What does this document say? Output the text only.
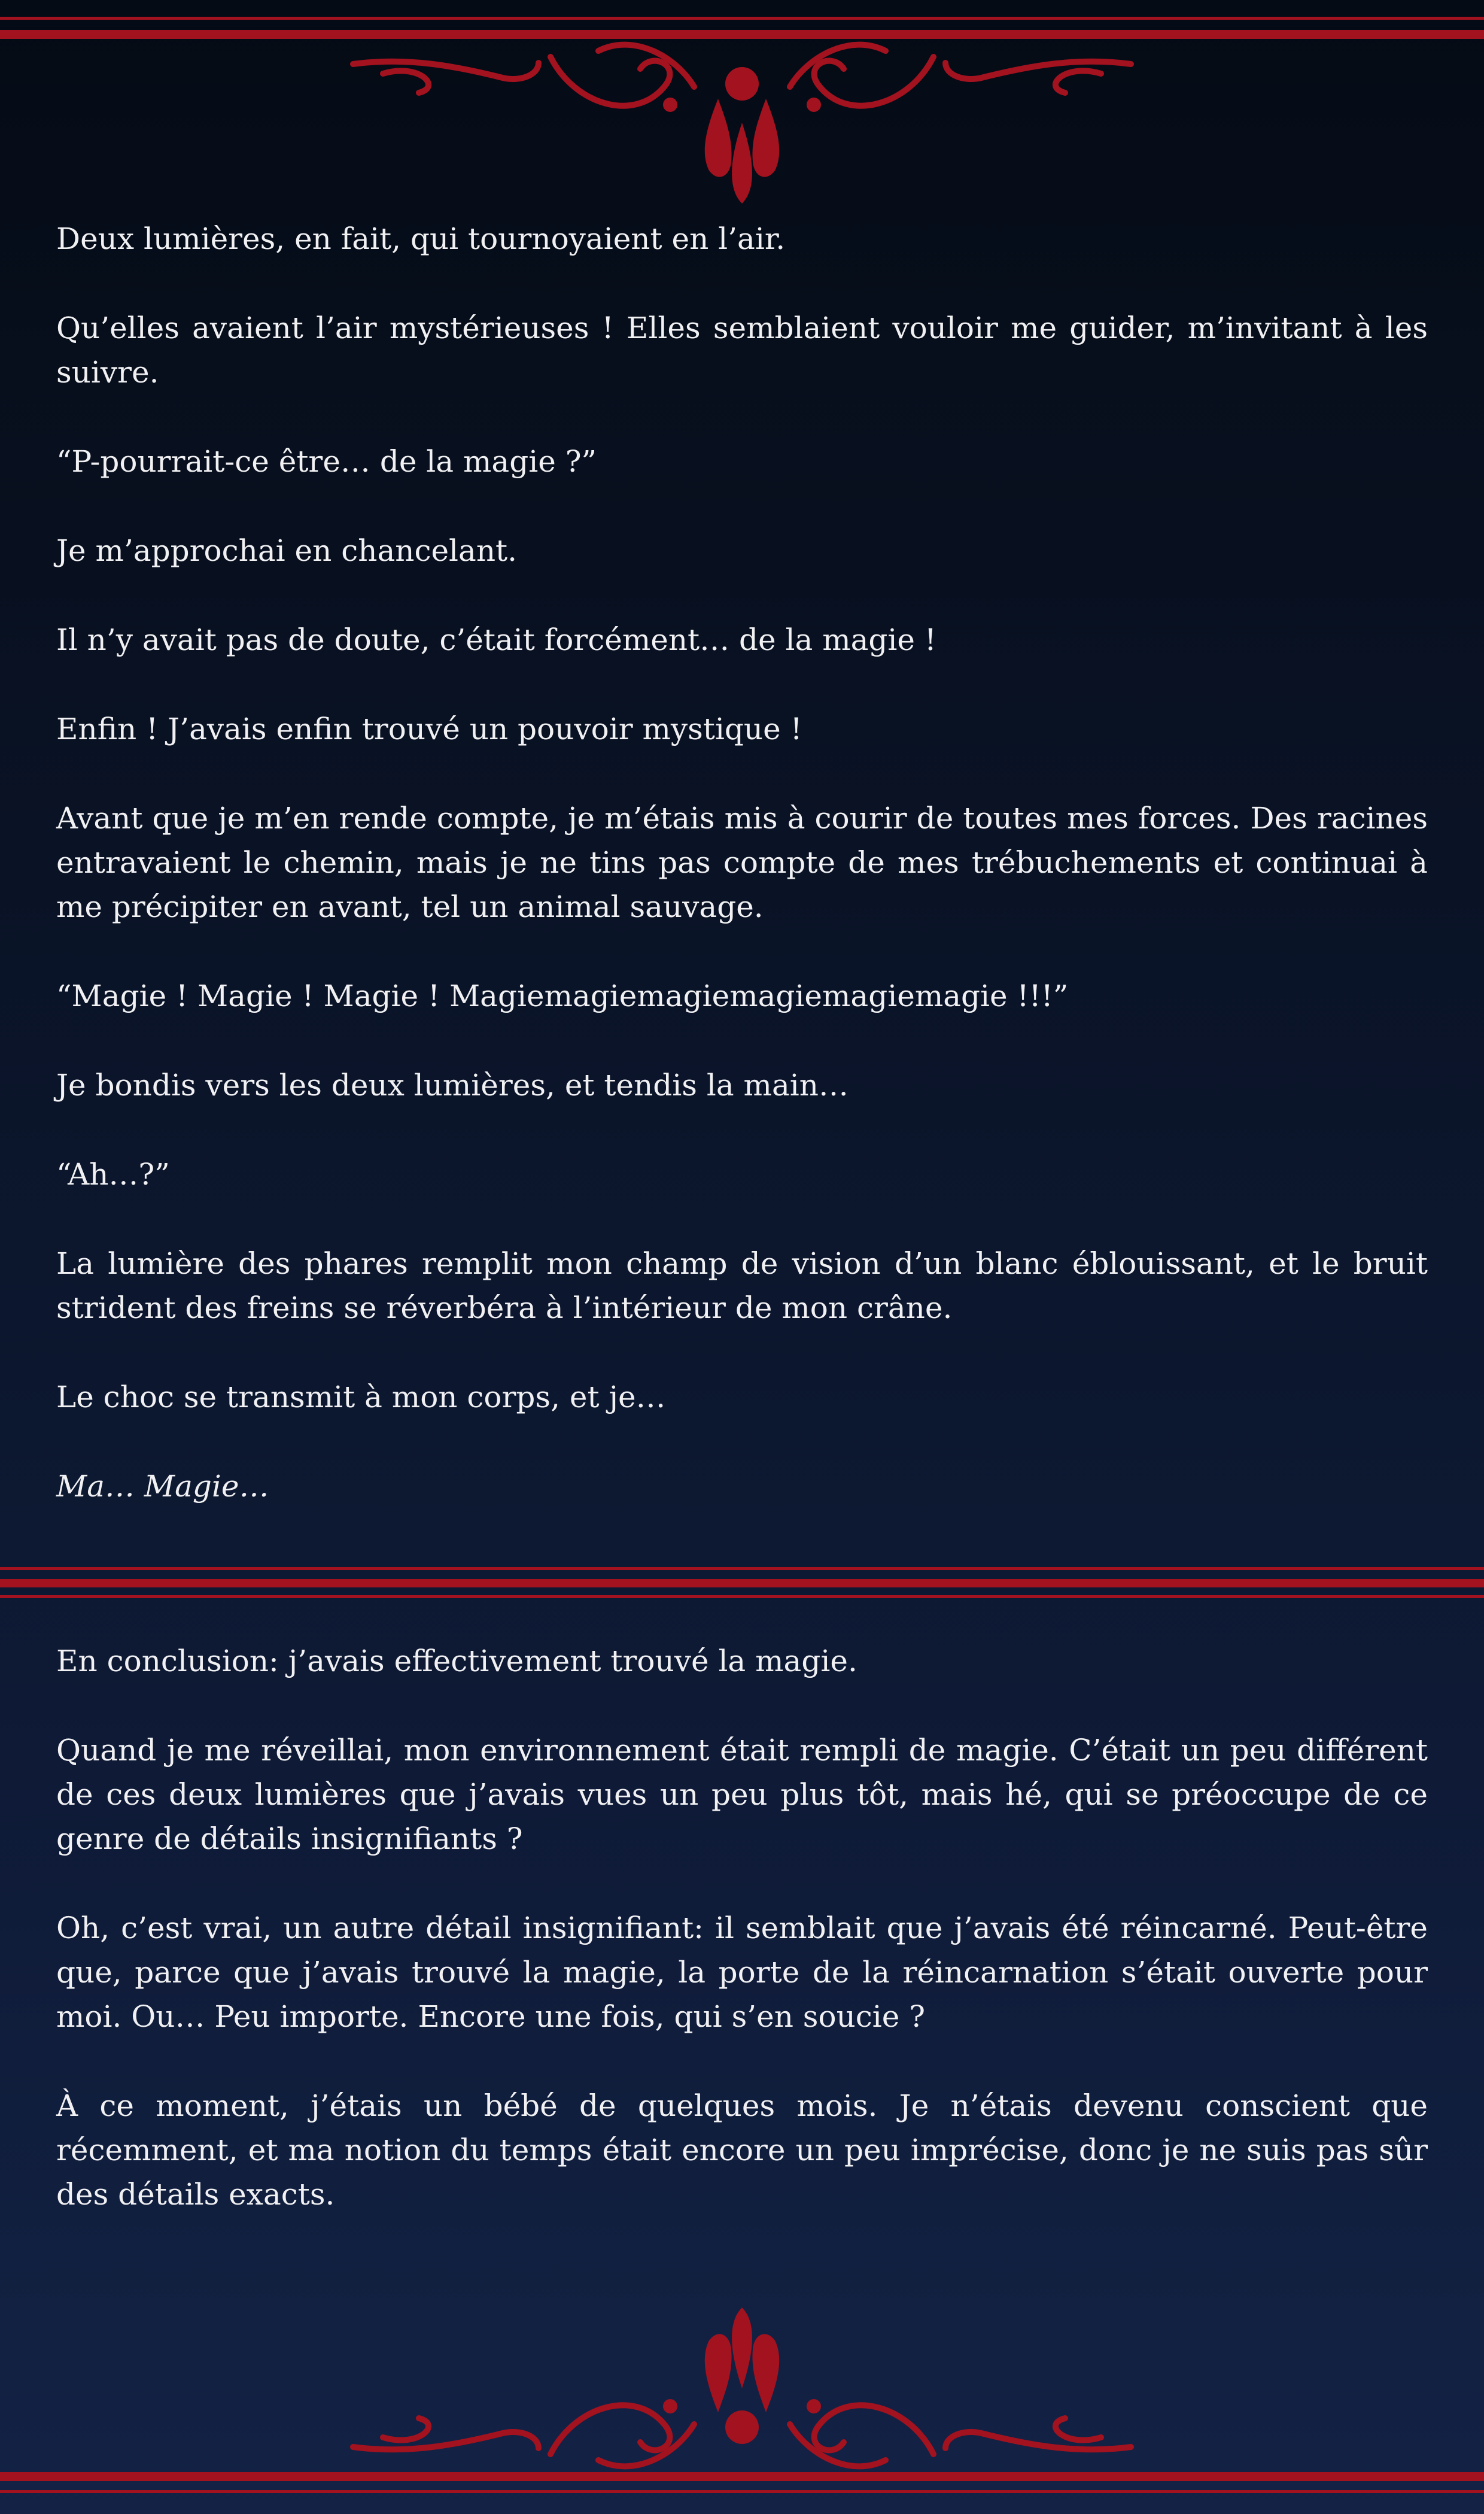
Deux lumières, en fait, qui tournoyaient en l’air.

Qu’elles avaient l’air mystérieuses ! Elles semblaient vouloir me guider, m’invitant à les suivre.

“P-pourrait-ce être… de la magie ?”

Je m’approchai en chancelant.

Il n’y avait pas de doute, c’était forcément… de la magie !

Enfin ! J’avais enfin trouvé un pouvoir mystique !

Avant que je m’en rende compte, je m’étais mis à courir de toutes mes forces. Des racines entravaient le chemin, mais je ne tins pas compte de mes trébuchements et continuai à me précipiter en avant, tel un animal sauvage.

“Magie ! Magie ! Magie ! Magiemagiemagiemagiemagiemagie !!!”

Je bondis vers les deux lumières, et tendis la main…

“Ah…?”

La lumière des phares remplit mon champ de vision d’un blanc éblouissant, et le bruit strident des freins se réverbéra à l’intérieur de mon crâne.

Le choc se transmit à mon corps, et je…

Ma… Magie…

En conclusion: j’avais effectivement trouvé la magie.

Quand je me réveillai, mon environnement était rempli de magie. C’était un peu différent de ces deux lumières que j’avais vues un peu plus tôt, mais hé, qui se préoccupe de ce genre de détails insignifiants ?

Oh, c’est vrai, un autre détail insignifiant: il semblait que j’avais été réincarné. Peut-être que, parce que j’avais trouvé la magie, la porte de la réincarnation s’était ouverte pour moi. Ou… Peu importe. Encore une fois, qui s’en soucie ?

À ce moment, j’étais un bébé de quelques mois. Je n’étais devenu conscient que récemment, et ma notion du temps était encore un peu imprécise, donc je ne suis pas sûr des détails exacts.
